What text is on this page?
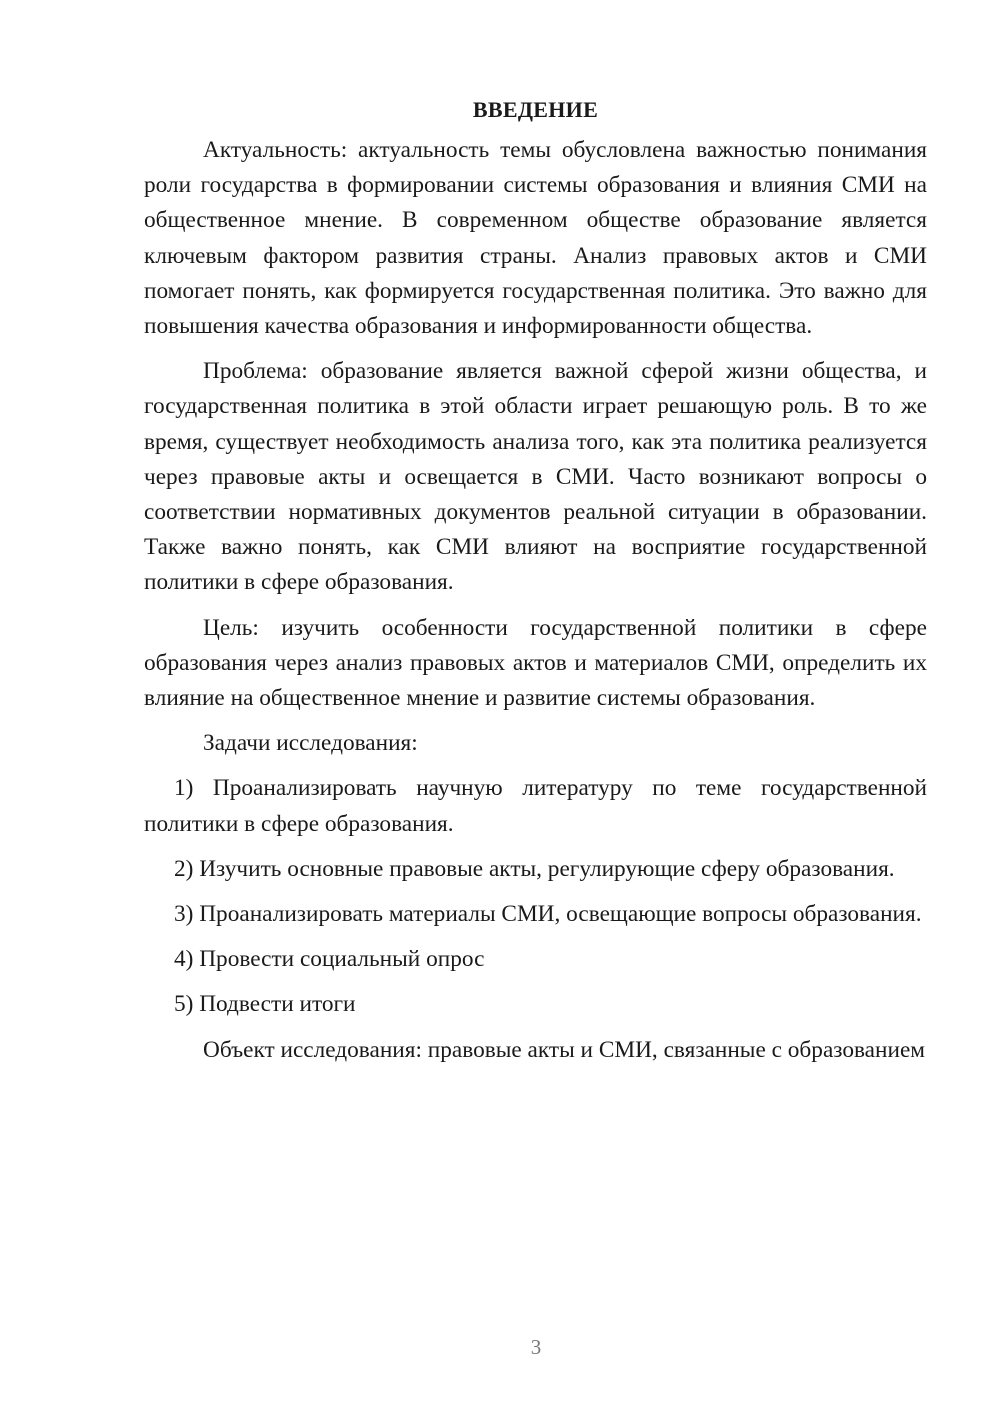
ВВЕДЕНИЕ

Актуальность: актуальность темы обусловлена важностью понимания роли государства в формировании системы образования и влияния СМИ на общественное мнение. В современном обществе образование является ключевым фактором развития страны. Анализ правовых актов и СМИ помогает понять, как формируется государственная политика. Это важно для повышения качества образования и информированности общества.

Проблема: образование является важной сферой жизни общества, и государственная политика в этой области играет решающую роль. В то же время, существует необходимость анализа того, как эта политика реализуется через правовые акты и освещается в СМИ. Часто возникают вопросы о соответствии нормативных документов реальной ситуации в образовании. Также важно понять, как СМИ влияют на восприятие государственной политики в сфере образования.

Цель: изучить особенности государственной политики в сфере образования через анализ правовых актов и материалов СМИ, определить их влияние на общественное мнение и развитие системы образования.

Задачи исследования:

1) Проанализировать научную литературу по теме государственной политики в сфере образования.

2) Изучить основные правовые акты, регулирующие сферу образования.

3) Проанализировать материалы СМИ, освещающие вопросы образования.

4) Провести социальный опрос

5) Подвести итоги

Объект исследования: правовые акты и СМИ, связанные с образованием

3
